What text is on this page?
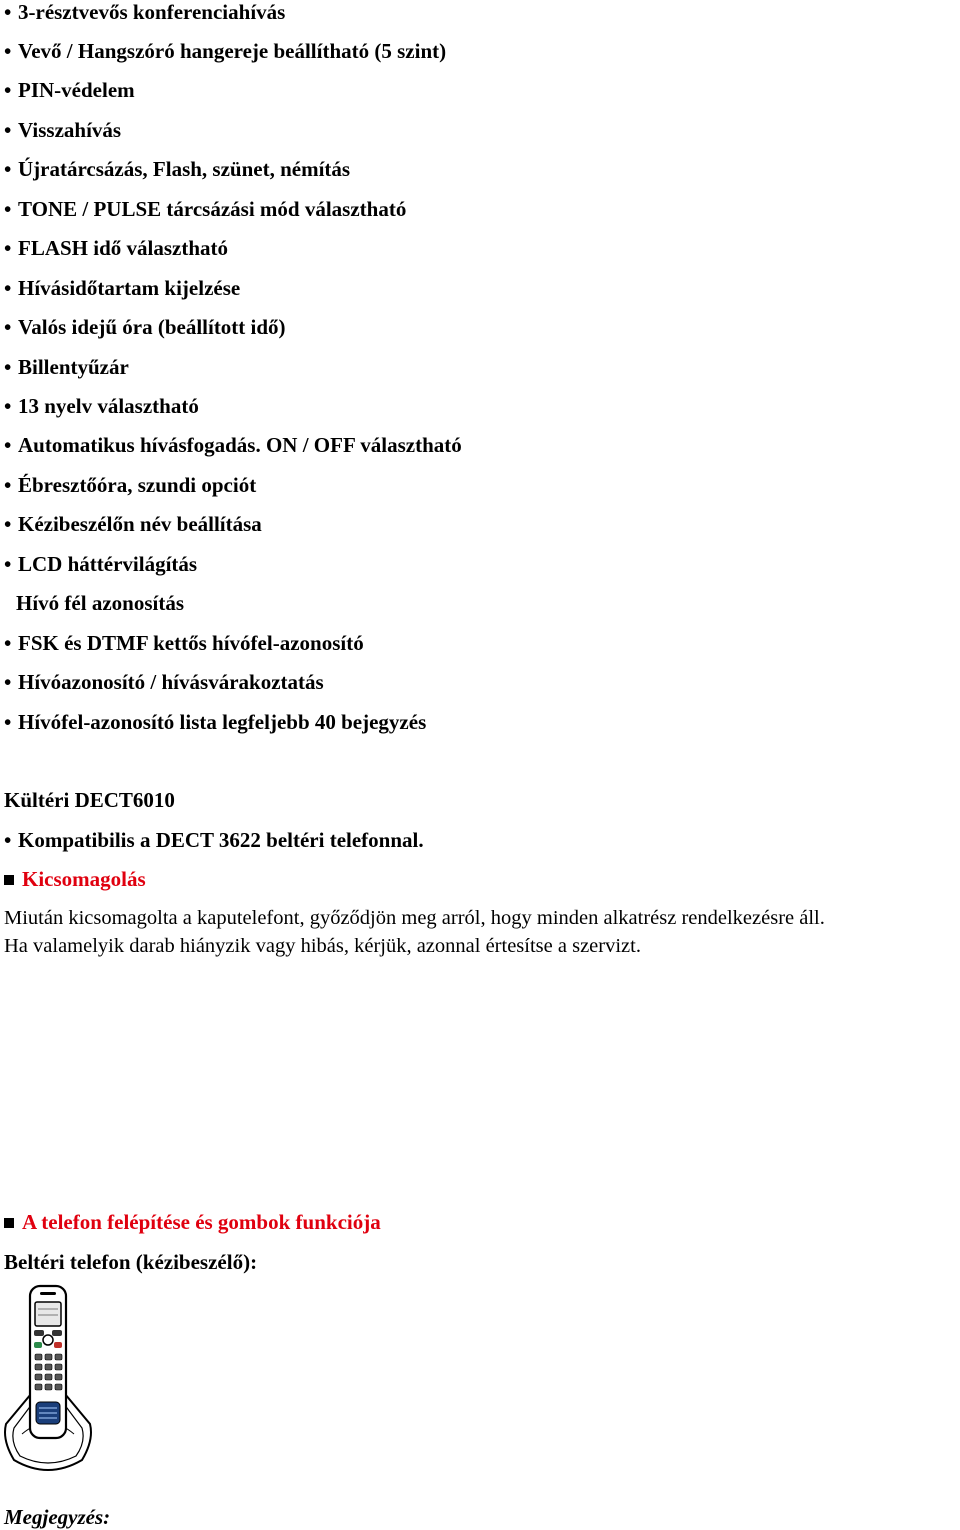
• 3-résztvevős konferenciahívás
• Vevő / Hangszóró hangereje beállítható (5 szint)
• PIN-védelem
• Visszahívás
• Újratárcsázás, Flash, szünet, némítás
• TONE / PULSE tárcsázási mód választható
• FLASH idő választható
• Hívásidőtartam kijelzése
• Valós idejű óra (beállított idő)
• Billentyűzár
• 13 nyelv választható
• Automatikus hívásfogadás. ON / OFF választható
• Ébresztőóra, szundi opciót
• Kézibeszélőn név beállítása
• LCD háttérvilágítás
Hívó fél azonosítás
• FSK és DTMF kettős hívófel-azonosító
• Hívóazonosító / hívásvárakoztatás
• Hívófel-azonosító lista legfeljebb 40 bejegyzés
Kültéri DECT6010
• Kompatibilis a DECT 3622 beltéri telefonnal.
Kicsomagolás
Miután kicsomagolta a kaputelefont, győződjön meg arról, hogy minden alkatrész rendelkezésre áll.
Ha valamelyik darab hiányzik vagy hibás, kérjük, azonnal értesítse a szervizt.
A telefon felépítése és gombok funkciója
Beltéri telefon (kézibeszélő):
Megjegyzés:
